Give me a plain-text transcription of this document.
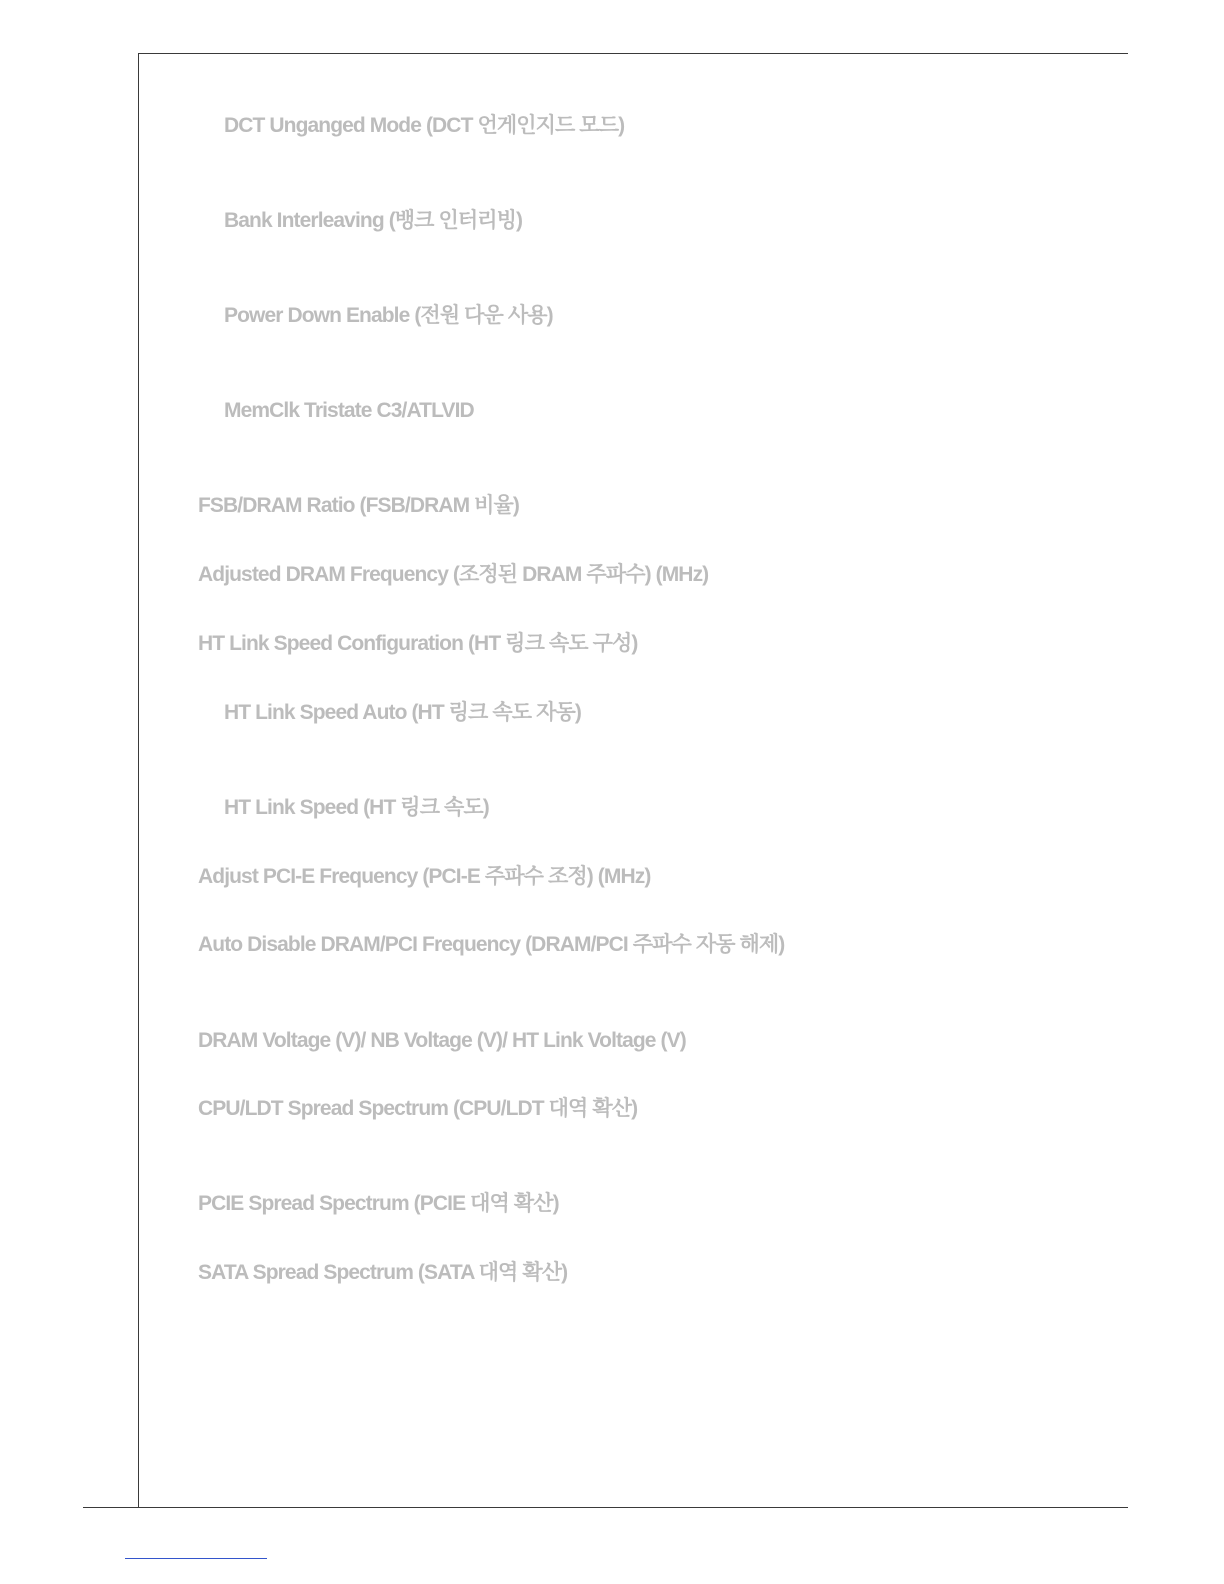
DCT Unganged Mode (DCT 언게인지드 모드)

Bank Interleaving (뱅크 인터리빙)

Power Down Enable (전원 다운 사용)

MemClk Tristate C3/ATLVID

FSB/DRAM Ratio (FSB/DRAM 비율)

Adjusted DRAM Frequency (조정된 DRAM 주파수) (MHz)

HT Link Speed Configuration (HT 링크 속도 구성)

HT Link Speed Auto (HT 링크 속도 자동)

HT Link Speed (HT 링크 속도)

Adjust PCI-E Frequency (PCI-E 주파수 조정) (MHz)

Auto Disable DRAM/PCI Frequency (DRAM/PCI 주파수 자동 해제)

DRAM Voltage (V)/ NB Voltage (V)/ HT Link Voltage (V)

CPU/LDT Spread Spectrum (CPU/LDT 대역 확산)

PCIE Spread Spectrum (PCIE 대역 확산)

SATA Spread Spectrum (SATA 대역 확산)
